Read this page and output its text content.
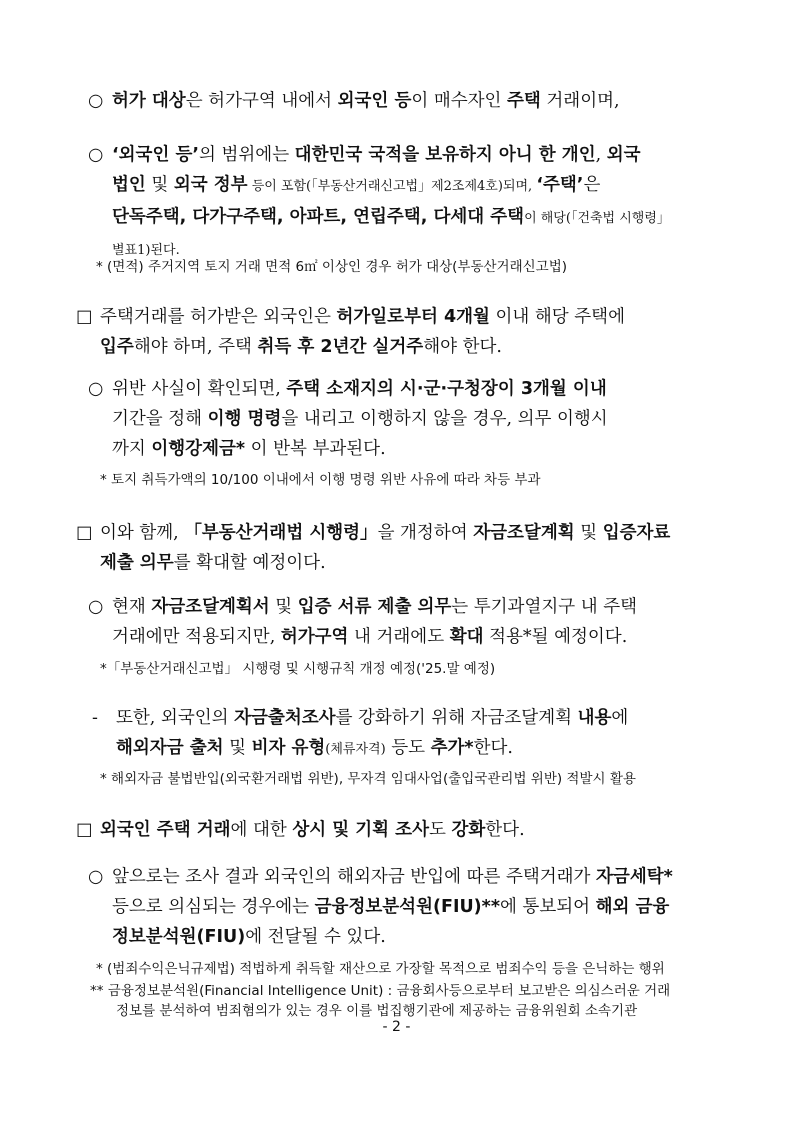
○ 허가 대상은 허가구역 내에서 외국인 등이 매수자인 주택 거래이며,
○ ‘외국인 등’의 범위에는 대한민국 국적을 보유하지 아니 한 개인, 외국
법인 및 외국 정부 등이 포함(「부동산거래신고법」제2조제4호)되며, ‘주택’은
단독주택, 다가구주택, 아파트, 연립주택, 다세대 주택이 해당(「건축법 시행령」
별표1)된다.
* (면적) 주거지역 토지 거래 면적 6㎡ 이상인 경우 허가 대상(부동산거래신고법)
□ 주택거래를 허가받은 외국인은 허가일로부터 4개월 이내 해당 주택에
입주해야 하며, 주택 취득 후 2년간 실거주해야 한다.
○ 위반 사실이 확인되면, 주택 소재지의 시·군·구청장이 3개월 이내
기간을 정해 이행 명령을 내리고 이행하지 않을 경우, 의무 이행시
까지 이행강제금* 이 반복 부과된다.
* 토지 취득가액의 10/100 이내에서 이행 명령 위반 사유에 따라 차등 부과
□ 이와 함께, 「부동산거래법 시행령」을 개정하여 자금조달계획 및 입증자료
제출 의무를 확대할 예정이다.
○ 현재 자금조달계획서 및 입증 서류 제출 의무는 투기과열지구 내 주택
거래에만 적용되지만, 허가구역 내 거래에도 확대 적용*될 예정이다.
*「부동산거래신고법」 시행령 및 시행규칙 개정 예정('25.말 예정)
- 또한, 외국인의 자금출처조사를 강화하기 위해 자금조달계획 내용에
해외자금 출처 및 비자 유형(체류자격) 등도 추가*한다.
* 해외자금 불법반입(외국환거래법 위반), 무자격 임대사업(출입국관리법 위반) 적발시 활용
□ 외국인 주택 거래에 대한 상시 및 기획 조사도 강화한다.
○ 앞으로는 조사 결과 외국인의 해외자금 반입에 따른 주택거래가 자금세탁*
등으로 의심되는 경우에는 금융정보분석원(FIU)**에 통보되어 해외 금융
정보분석원(FIU)에 전달될 수 있다.
* (범죄수익은닉규제법) 적법하게 취득할 재산으로 가장할 목적으로 범죄수익 등을 은닉하는 행위
** 금융정보분석원(Financial Intelligence Unit) : 금융회사등으로부터 보고받은 의심스러운 거래
정보를 분석하여 범죄혐의가 있는 경우 이를 법집행기관에 제공하는 금융위원회 소속기관
- 2 -
